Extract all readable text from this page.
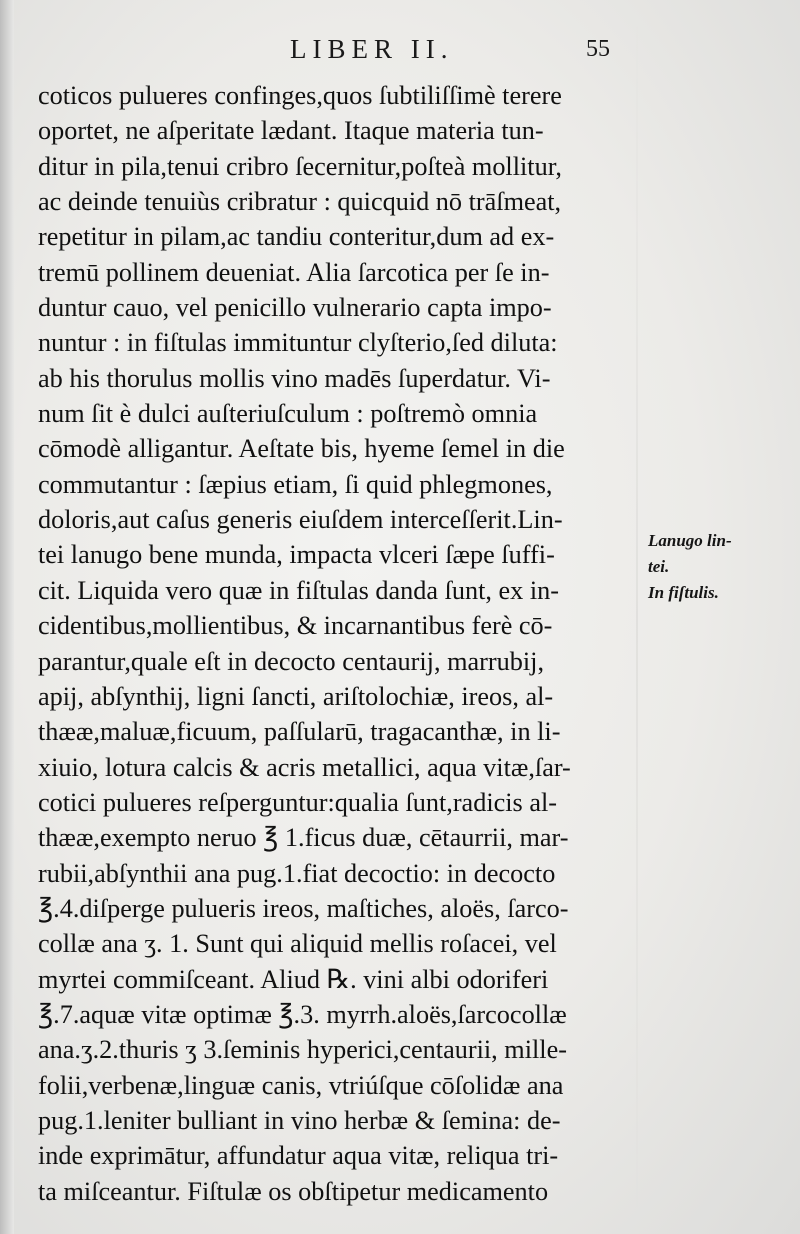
LIBER II.	55
coticos pulueres confinges,quos ſubtiliſſimè terere
oportet, ne aſperitate lædant. Itaque materia tun-
ditur in pila,tenui cribro ſecernitur,poſteà mollitur,
ac deinde tenuiùs cribratur : quicquid nō trāſmeat,
repetitur in pilam,ac tandiu conteritur,dum ad ex-
tremū pollinem deueniat. Alia ſarcotica per ſe in-
duntur cauo, vel penicillo vulnerario capta impo-
nuntur : in fiſtulas immituntur clyſterio,ſed diluta:
ab his thorulus mollis vino madēs ſuperdatur. Vi-
num ſit è dulci auſteriuſculum : poſtremò omnia
cōmodè alligantur. Aeſtate bis, hyeme ſemel in die
commutantur : ſæpius etiam, ſi quid phlegmones,
doloris,aut caſus generis eiuſdem interceſſerit.Lin-
tei lanugo bene munda, impacta vlceri ſæpe ſuffi-
cit. Liquida vero quæ in fiſtulas danda ſunt, ex in-
cidentibus,mollientibus, & incarnantibus ferè cō-
parantur,quale eſt in decocto centaurij, marrubij,
apij, abſynthij, ligni ſancti, ariſtolochiæ, ireos, al-
thææ,maluæ,ficuum, paſſularū, tragacanthæ, in li-
xiuio, lotura calcis & acris metallici, aqua vitæ,ſar-
cotici pulueres reſperguntur:qualia ſunt,radicis al-
thææ,exempto neruo ℥ 1.ficus duæ, cētaurrii, mar-
rubii,abſynthii ana pug.1.fiat decoctio: in decocto
℥.4.diſperge pulueris ireos, maſtiches, aloës, ſarco-
collæ ana ʒ. 1. Sunt qui aliquid mellis roſacei, vel
myrtei commiſceant. Aliud ℞. vini albi odoriferi
℥.7.aquæ vitæ optimæ ℥.3. myrrh.aloës,ſarcocollæ
ana.ʒ.2.thuris ʒ 3.ſeminis hyperici,centaurii, mille-
folii,verbenæ,linguæ canis, vtriúſque cōſolidæ ana
pug.1.leniter bulliant in vino herbæ & ſemina: de-
inde exprimātur, affundatur aqua vitæ, reliqua tri-
ta miſceantur. Fiſtulæ os obſtipetur medicamento
Lanugo lin-
tei.
In fiſtulis.
